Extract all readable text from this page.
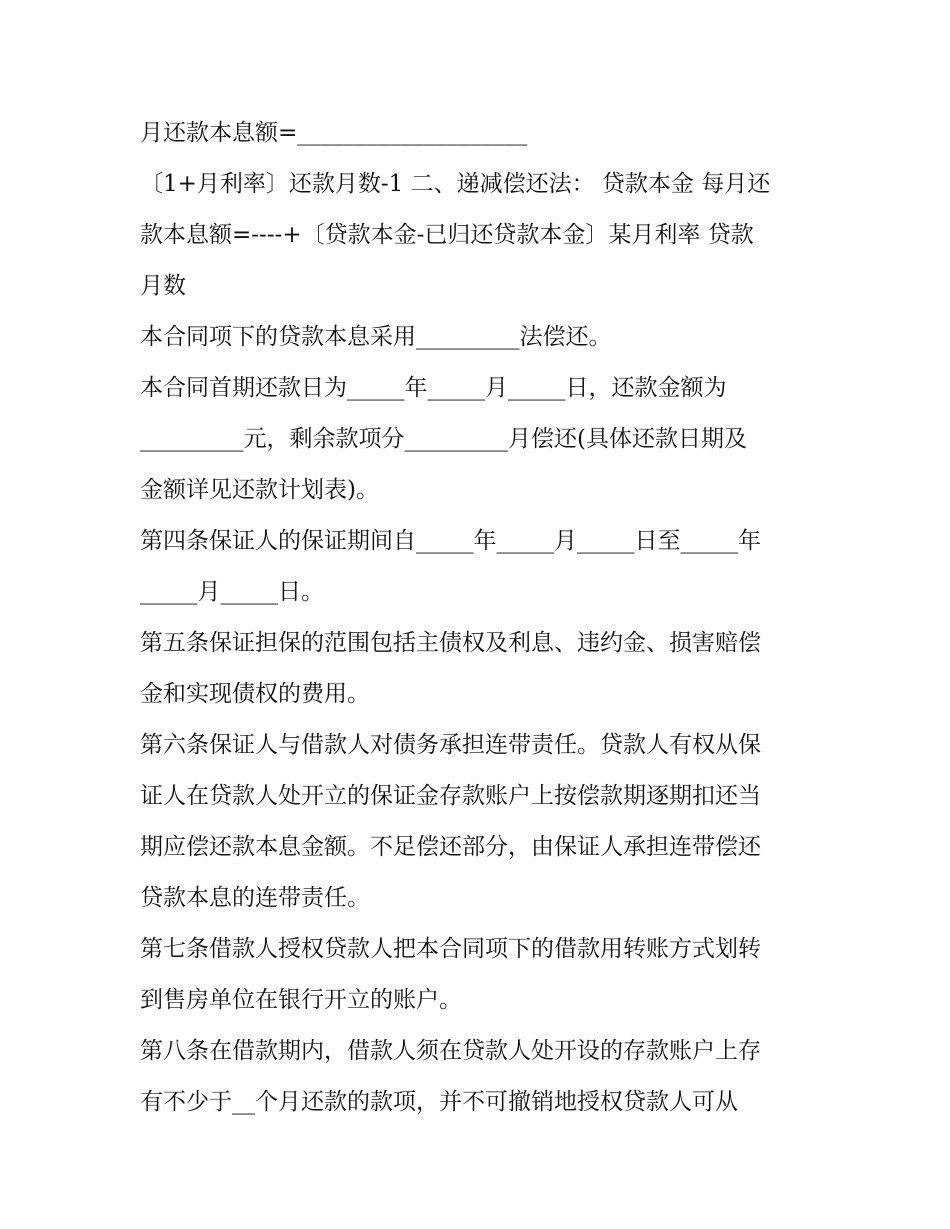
月还款本息额=____________________

〔1+月利率〕还款月数-1 二、递减偿还法： 贷款本金 每月还

款本息额=----+〔贷款本金-已归还贷款本金〕某月利率 贷款

月数

本合同项下的贷款本息采用_________法偿还。

本合同首期还款日为_____年_____月_____日，还款金额为

_________元，剩余款项分_________月偿还(具体还款日期及

金额详见还款计划表)。

第四条保证人的保证期间自_____年_____月_____日至_____年

_____月_____日。

第五条保证担保的范围包括主债权及利息、违约金、损害赔偿

金和实现债权的费用。

第六条保证人与借款人对债务承担连带责任。贷款人有权从保

证人在贷款人处开立的保证金存款账户上按偿款期逐期扣还当

期应偿还款本息金额。不足偿还部分，由保证人承担连带偿还

贷款本息的连带责任。

第七条借款人授权贷款人把本合同项下的借款用转账方式划转

到售房单位在银行开立的账户。

第八条在借款期内，借款人须在贷款人处开设的存款账户上存

有不少于__个月还款的款项，并不可撤销地授权贷款人可从
